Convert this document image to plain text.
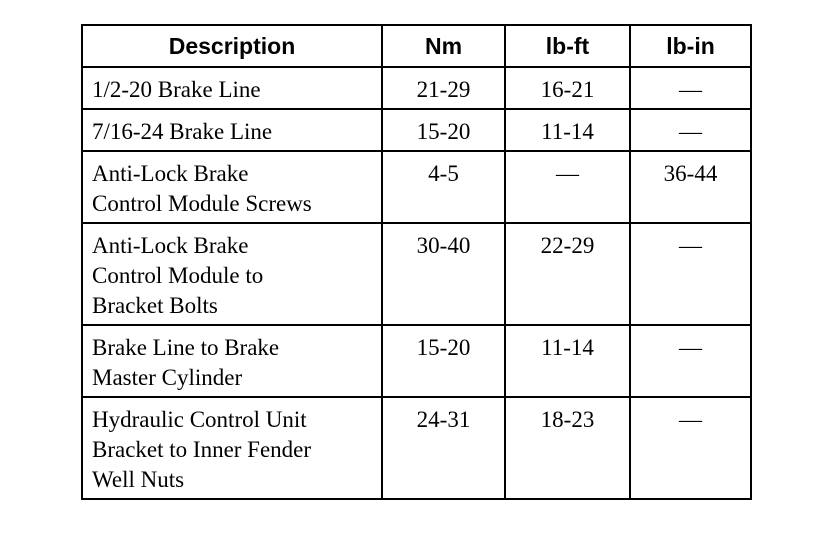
Description	Nm	lb-ft	lb-in

1/2-20 Brake Line	21-29	16-21	—

7/16-24 Brake Line	15-20	11-14	—

Anti-Lock Brake
Control Module Screws	4-5	—	36-44

Anti-Lock Brake
Control Module to
Bracket Bolts	30-40	22-29	—

Brake Line to Brake
Master Cylinder	15-20	11-14	—

Hydraulic Control Unit
Bracket to Inner Fender
Well Nuts	24-31	18-23	—
